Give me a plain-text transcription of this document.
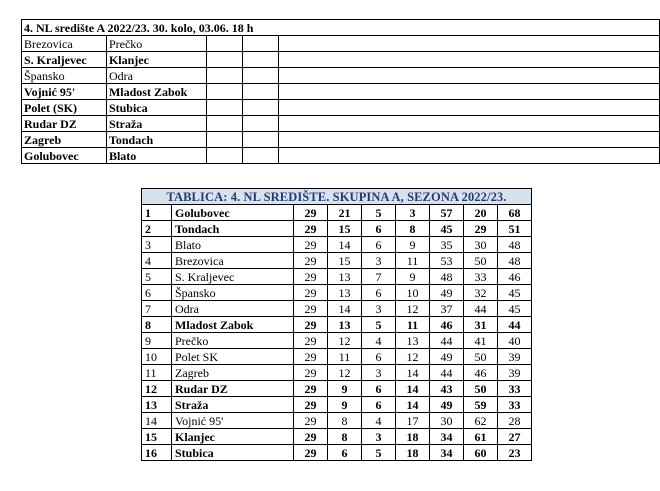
4. NL središte A 2022/23. 30. kolo, 03.06. 18 h				
Brezovica	Prečko			
S. Kraljevec	Klanjec			
Špansko	Odra			
Vojnić 95'	Mladost Zabok			
Polet (SK)	Stubica			
Rudar DZ	Straža			
Zagreb	Tondach			
Golubovec	Blato			
TABLICA: 4. NL SREDIŠTE. SKUPINA A, SEZONA 2022/23.								
1	Golubovec	29	21	5	3	57	20	68
2	Tondach	29	15	6	8	45	29	51
3	Blato	29	14	6	9	35	30	48
4	Brezovica	29	15	3	11	53	50	48
5	S. Kraljevec	29	13	7	9	48	33	46
6	Špansko	29	13	6	10	49	32	45
7	Odra	29	14	3	12	37	44	45
8	Mladost Zabok	29	13	5	11	46	31	44
9	Prečko	29	12	4	13	44	41	40
10	Polet SK	29	11	6	12	49	50	39
11	Zagreb	29	12	3	14	44	46	39
12	Rudar DZ	29	9	6	14	43	50	33
13	Straža	29	9	6	14	49	59	33
14	Vojnić 95'	29	8	4	17	30	62	28
15	Klanjec	29	8	3	18	34	61	27
16	Stubica	29	6	5	18	34	60	23
